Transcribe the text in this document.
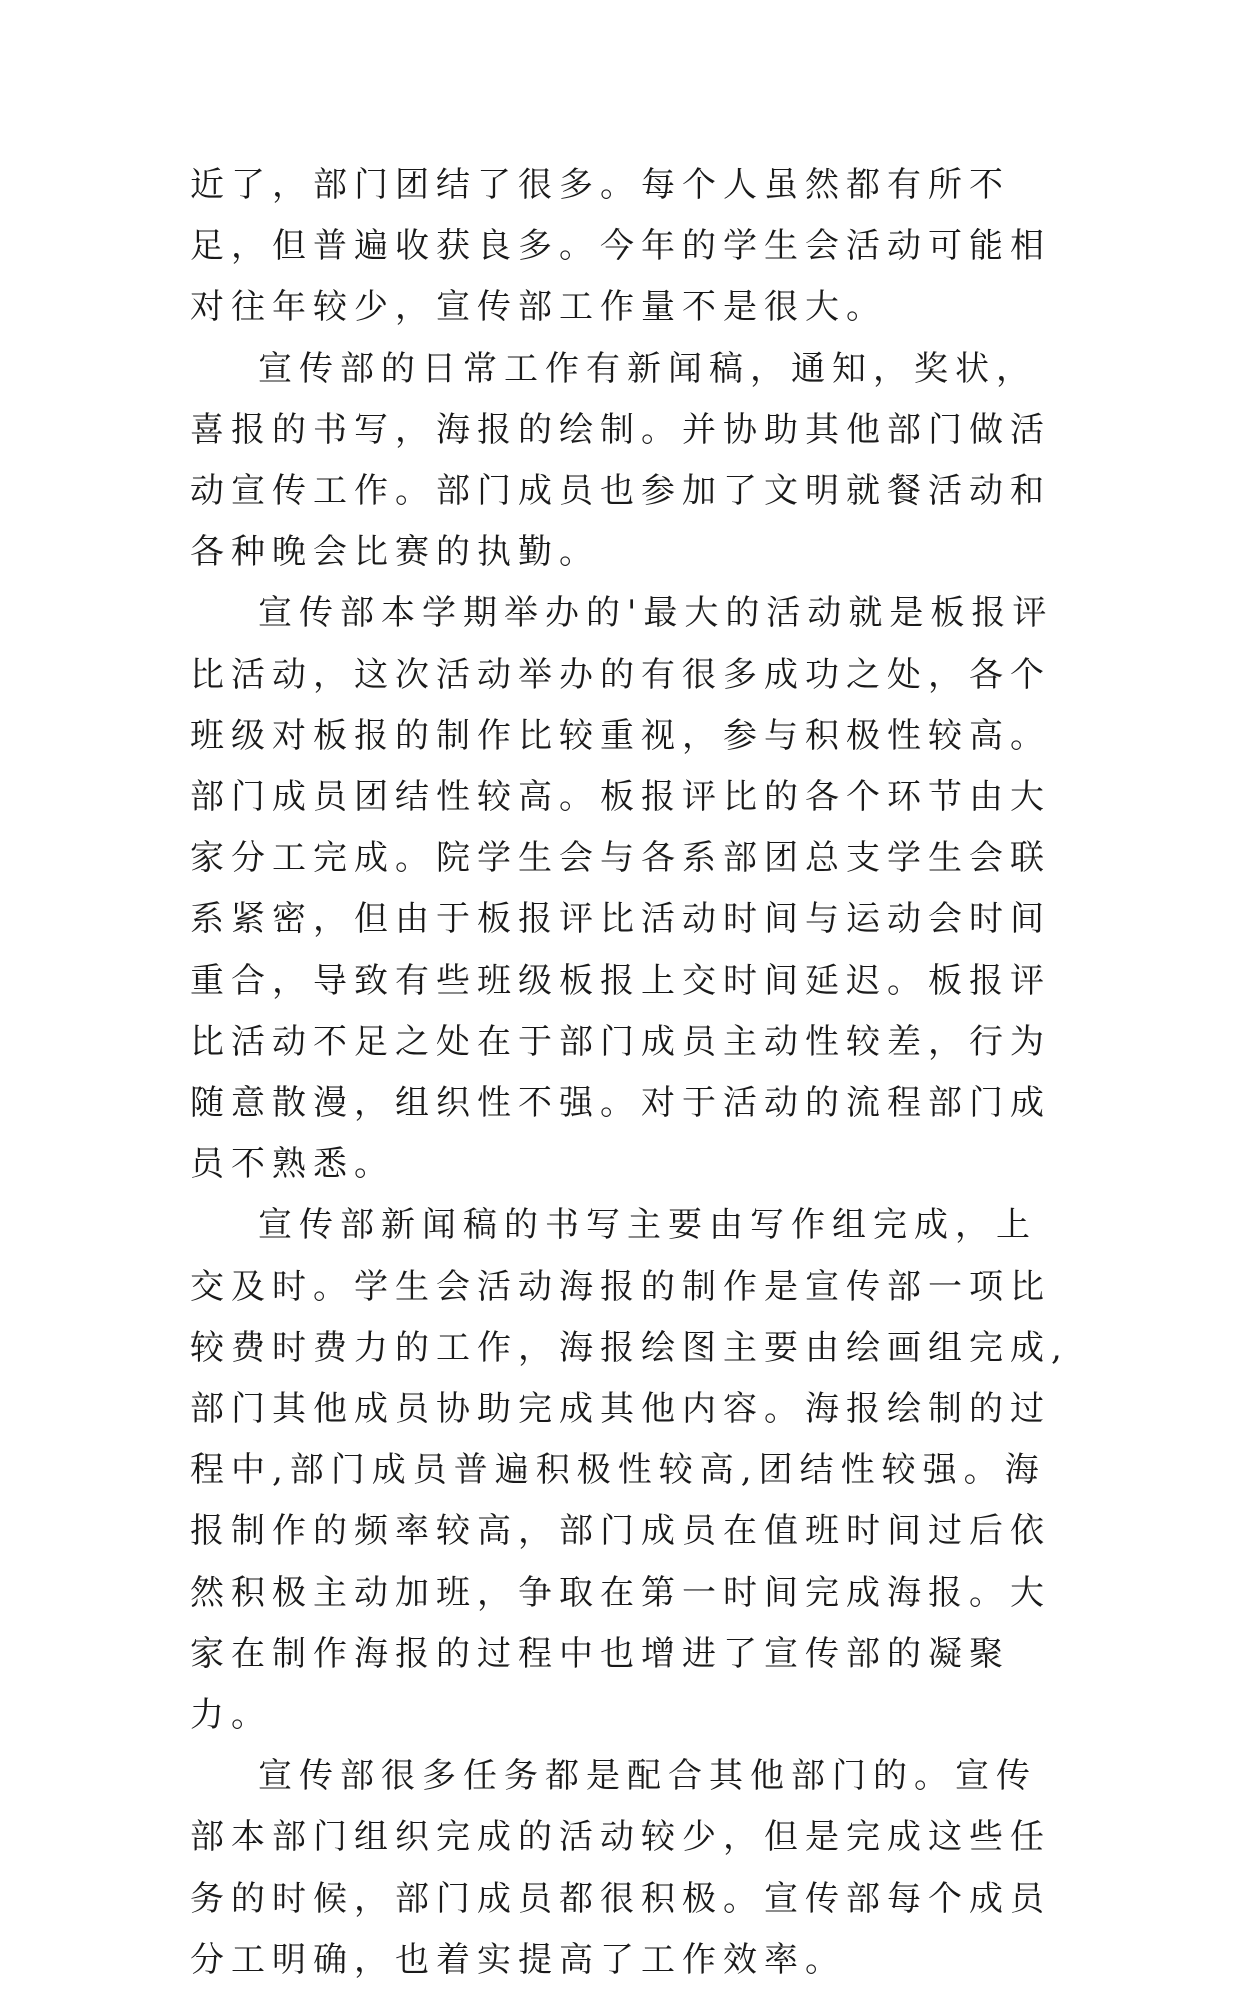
近了，部门团结了很多。每个人虽然都有所不足，但普遍收获良多。今年的学生会活动可能相对往年较少，宣传部工作量不是很大。

宣传部的日常工作有新闻稿，通知，奖状，喜报的书写，海报的绘制。并协助其他部门做活动宣传工作。部门成员也参加了文明就餐活动和各种晚会比赛的执勤。

宣传部本学期举办的'最大的活动就是板报评比活动，这次活动举办的有很多成功之处，各个班级对板报的制作比较重视，参与积极性较高。部门成员团结性较高。板报评比的各个环节由大家分工完成。院学生会与各系部团总支学生会联系紧密，但由于板报评比活动时间与运动会时间重合，导致有些班级板报上交时间延迟。板报评比活动不足之处在于部门成员主动性较差，行为随意散漫，组织性不强。对于活动的流程部门成员不熟悉。

宣传部新闻稿的书写主要由写作组完成，上交及时。学生会活动海报的制作是宣传部一项比较费时费力的工作，海报绘图主要由绘画组完成,部门其他成员协助完成其他内容。海报绘制的过程中,部门成员普遍积极性较高,团结性较强。海报制作的频率较高，部门成员在值班时间过后依然积极主动加班，争取在第一时间完成海报。大家在制作海报的过程中也增进了宣传部的凝聚力。

宣传部很多任务都是配合其他部门的。宣传部本部门组织完成的活动较少，但是完成这些任务的时候，部门成员都很积极。宣传部每个成员分工明确，也着实提高了工作效率。
